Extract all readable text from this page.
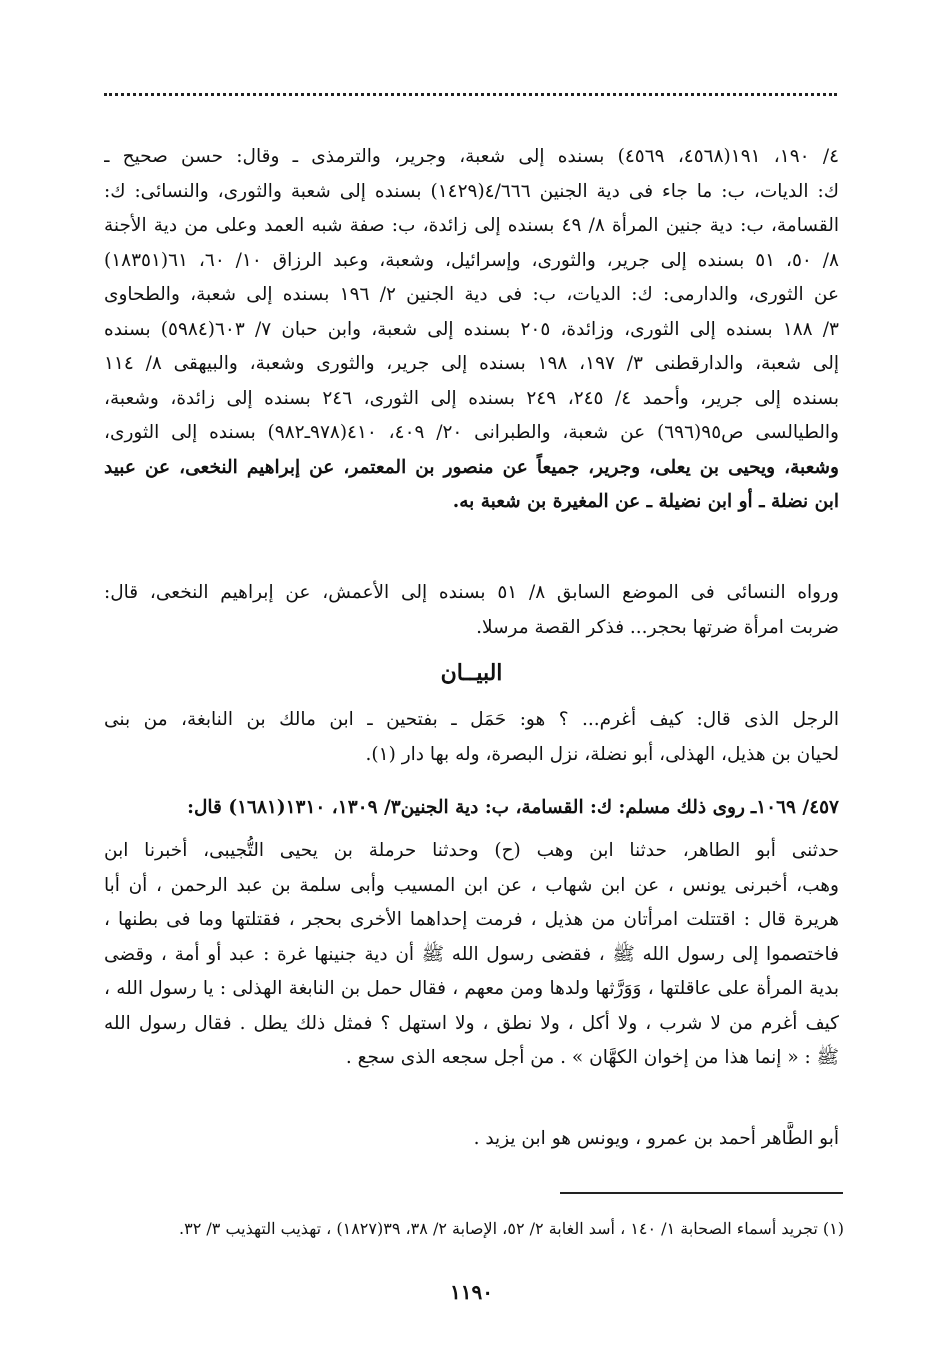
٤/ ١٩٠، ١٩١(٤٥٦٨، ٤٥٦٩) بسنده إلى شعبة، وجرير، والترمذى ـ وقال: حسن صحيح ـ
ك: الديات، ب: ما جاء فى دية الجنين ٤/٦٦٦(١٤٢٩) بسنده إلى شعبة والثورى، والنسائى: ك:
القسامة، ب: دية جنين المرأة ٨/ ٤٩ بسنده إلى زائدة، ب: صفة شبه العمد وعلى من دية الأجنة
٨/ ٥٠، ٥١ بسنده إلى جرير، والثورى، وإسرائيل، وشعبة، وعبد الرزاق ١٠/ ٦٠، ٦١(١٨٣٥١)
عن الثورى، والدارمى: ك: الديات، ب: فى دية الجنين ٢/ ١٩٦ بسنده إلى شعبة، والطحاوى
٣/ ١٨٨ بسنده إلى الثورى، وزائدة، ٢٠٥ بسنده إلى شعبة، وابن حبان ٧/ ٦٠٣(٥٩٨٤) بسنده
إلى شعبة، والدارقطنى ٣/ ١٩٧، ١٩٨ بسنده إلى جرير، والثورى وشعبة، والبيهقى ٨/ ١١٤
بسنده إلى جرير، وأحمد ٤/ ٢٤٥، ٢٤٩ بسنده إلى الثورى، ٢٤٦ بسنده إلى زائدة، وشعبة،
والطيالسى ص٩٥(٦٩٦) عن شعبة، والطبرانى ٢٠/ ٤٠٩، ٤١٠(٩٧٨ـ٩٨٢) بسنده إلى الثورى،
وشعبة، ويحيى بن يعلى، وجرير، جميعاً عن منصور بن المعتمر، عن إبراهيم النخعى، عن عبيد
ابن نضلة ـ أو ابن نضيلة ـ عن المغيرة بن شعبة به.
ورواه النسائى فى الموضع السابق ٨/ ٥١ بسنده إلى الأعمش، عن إبراهيم النخعى، قال:
ضربت امرأة ضرتها بحجر... فذكر القصة مرسلا.

البيــان

الرجل الذى قال: كيف أغرم... ؟ هو: حَمَل ـ بفتحين ـ ابن مالك بن النابغة، من بنى
لحيان بن هذيل، الهذلى، أبو نضلة، نزل البصرة، وله بها دار (١).
٤٥٧/ ١٠٦٩ـ روى ذلك مسلم: ك: القسامة، ب: دية الجنين٣/ ١٣٠٩، ١٣١٠(١٦٨١) قال:
حدثنى أبو الطاهر، حدثنا ابن وهب (ح) وحدثنا حرملة بن يحيى التُّجيبى، أخبرنا ابن
وهب، أخبرنى يونس ، عن ابن شهاب ، عن ابن المسيب وأبى سلمة بن عبد الرحمن ، أن أبا
هريرة قال : اقتتلت امرأتان من هذيل ، فرمت إحداهما الأخرى بحجر ، فقتلتها وما فى بطنها ،
فاختصموا إلى رسول الله ﷺ ، فقضى رسول الله ﷺ أن دية جنينها غرة : عبد أو أمة ، وقضى
بدية المرأة على عاقلتها ، وَوَرَّثها ولدها ومن معهم ، فقال حمل بن النابغة الهذلى : يا رسول الله ،
كيف أغرم من لا شرب ، ولا أكل ، ولا نطق ، ولا استهل ؟ فمثل ذلك يطل . فقال رسول الله
ﷺ : « إنما هذا من إخوان الكهَّان » . من أجل سجعه الذى سجع .
أبو الطَّاهر أحمد بن عمرو ، ويونس هو ابن يزيد .

(١) تجريد أسماء الصحابة ١/ ١٤٠ ، أسد الغابة ٢/ ٥٢، الإصابة ٢/ ٣٨، ٣٩(١٨٢٧) ، تهذيب التهذيب ٣/ ٣٢.

١١٩٠
